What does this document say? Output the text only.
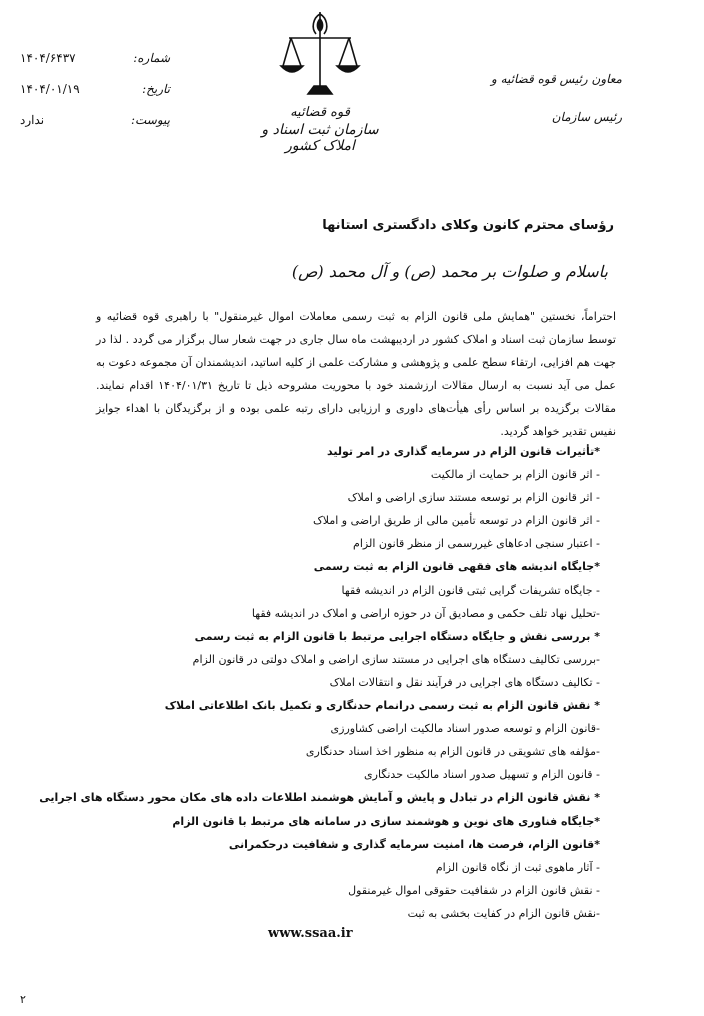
شماره:
۱۴۰۴/۶۴۳۷
تاریخ:
۱۴۰۴/۰۱/۱۹
پیوست:
ندارد	قوه قضائیه
سازمان ثبت اسناد و املاک کشور
معاون رئیس قوه قضائیه و
رئیس سازمان
رؤسای محترم کانون وکلای دادگستری استانها
باسلام و صلوات بر محمد (ص) و آل محمد (ص)
احتراماً، نخستین "همایش ملی قانون الزام به ثبت رسمی معاملات اموال غیرمنقول" با راهبری قوه قضائیه و توسط سازمان ثبت اسناد و املاک کشور در اردیبهشت ماه سال جاری در جهت شعار سال برگزار می گردد . لذا در جهت هم افزایی، ارتقاء سطح علمی و پژوهشی و مشارکت علمی از کلیه اساتید، اندیشمندان آن مجموعه دعوت به عمل می آید نسبت به ارسال مقالات ارزشمند خود با محوریت مشروحه ذیل تا تاریخ ۱۴۰۴/۰۱/۳۱ اقدام نمایند. مقالات برگزیده بر اساس رأی هیأت‌های داوری و ارزیابی دارای رتبه علمی بوده و از برگزیدگان با اهداء جوایز نفیس تقدیر خواهد گردید.
*تأثیرات قانون الزام در سرمایه گذاری در امر تولید
- اثر قانون الزام بر حمایت از مالکیت
- اثر قانون الزام بر توسعه مستند سازی اراضی و املاک
- اثر قانون الزام در توسعه تأمین مالی از طریق اراضی و املاک
- اعتبار سنجی ادعاهای غیررسمی از منظر قانون الزام
*جایگاه اندیشه های فقهی قانون الزام به ثبت رسمی
- جایگاه تشریفات گرایی ثبتی قانون الزام در اندیشه فقها
-تحلیل نهاد تلف حکمی و مصادیق آن در حوزه اراضی و املاک در اندیشه فقها
* بررسی نقش و جایگاه دستگاه اجرایی مرتبط با قانون الزام به ثبت رسمی
-بررسی تکالیف دستگاه های اجرایی در مستند سازی اراضی و املاک دولتی در قانون الزام
- تکالیف دستگاه های اجرایی در فرآیند نقل و انتقالات املاک
* نقش قانون الزام به ثبت رسمی درانمام حدنگاری و تکمیل بانک اطلاعاتی املاک
-قانون الزام و توسعه صدور اسناد مالکیت اراضی کشاورزی
-مؤلفه های تشویقی در قانون الزام به منظور اخذ اسناد حدنگاری
- قانون الزام و تسهیل صدور اسناد مالکیت حدنگاری
* نقش قانون الزام در تبادل و پایش و آمایش هوشمند اطلاعات داده های مکان محور دستگاه های اجرایی
*جایگاه فناوری های نوین و هوشمند سازی در سامانه های مرتبط با قانون الزام
*قانون الزام، فرصت ها، امنیت سرمایه گذاری و شفافیت درحکمرانی
- آثار ماهوی ثبت از نگاه قانون الزام
- نقش قانون الزام در شفافیت حقوقی اموال غیرمنقول
-نقش قانون الزام در کفایت بخشی به ثبت
www.ssaa.ir
۲
